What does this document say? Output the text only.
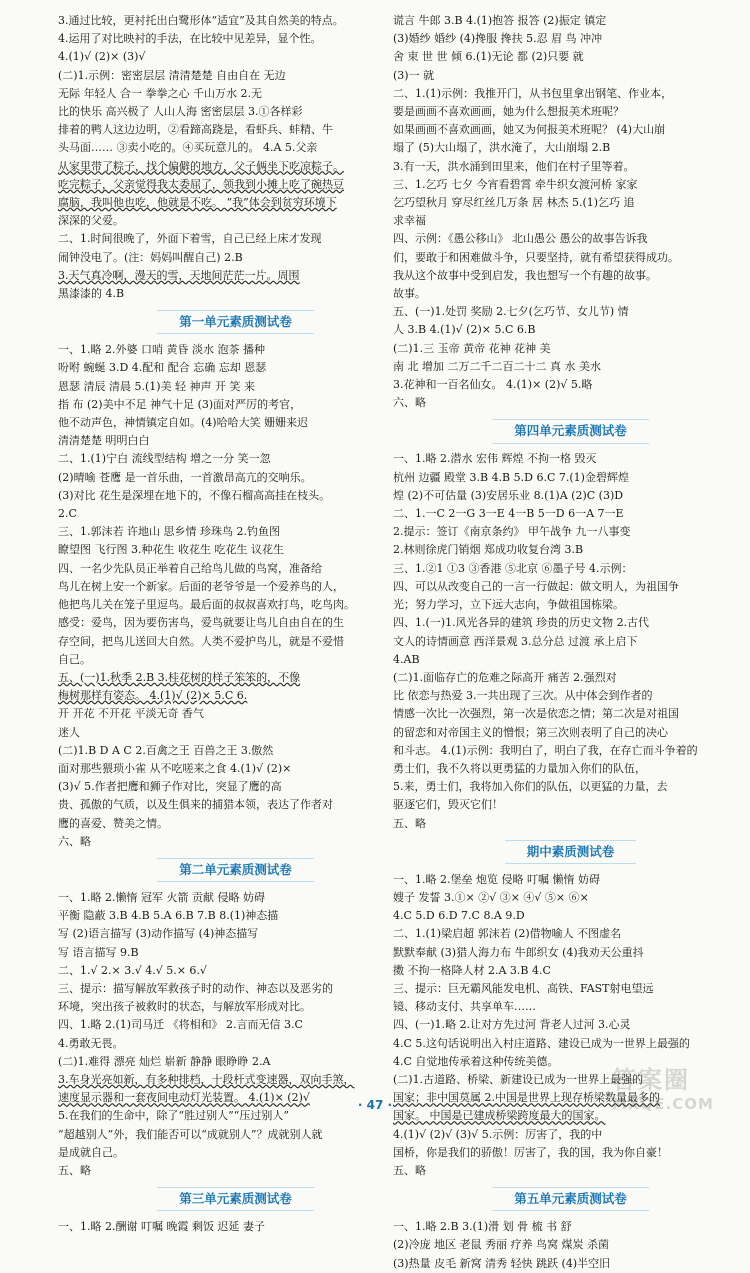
3.通过比较，更衬托出白鹭形体“适宜”及其自然美的特点。
4.运用了对比映衬的手法，在比较中见差异，显个性。
4.(1)√ (2)× (3)√
(二)1.示例：密密层层 清清楚楚 自由自在 无边
无际 年轻人 合一 拳拳之心 千山万水 2.无
比的快乐 高兴极了 人山人海 密密层层 3.①各样彩
排着的鸭人这边边明，②看蹄高跷是，看虾兵、蚌精、牛
头马面…… ③卖小吃的。④买玩意儿的。 4.A 5.父亲
从家里带了粽子，找个偏僻的地方，父子俩坐下吃凉粽子。
吃完粽子，父亲觉得我太委屈了，领我到小摊上吃了碗热豆
腐脑，我叫他也吃，他就是不吃。 “我”体会到贫穷环境下
深深的父爱。
二、1.时间很晚了，外面下着雪，自己已经上床才发现
闹钟没电了。(注：妈妈叫醒自己) 2.B
3.天气真冷啊，漫天的雪，天地间茫茫一片。周围
黑漆漆的 4.B
第一单元素质测试卷
一、1.略 2.外婆 口哨 黄昏 淡水 泡茶 播种
吩咐 蜿蜒 3.D 4.配和 配合 忘确 忘却 恩瑟
恩瑟 清辰 清晨 5.(1)美 轻 神声 开 笑 来
指 布 (2)美中不足 神气十足 (3)面对严厉的考官，
他不动声色，神情镇定自如。(4)哈哈大笑 姗姗来迟
清清楚楚 明明白白
二、1.(1)宁白 流线型结构 增之一分 笑一忽
(2)晴喻 苍鹰 是一首乐曲，一首激昂高亢的交响乐。
(3)对比 花生是深埋在地下的，不像石榴高高挂在枝头。
2.C
三、1.郭沫若 许地山 思乡情 珍珠鸟 2.钓鱼图
瞭望图 飞行图 3.种花生 收花生 吃花生 议花生
四、一名少先队员正举着自己给鸟儿做的鸟窝，准备给
鸟儿在树上安一个新家。后面的老爷爷是一个爱养鸟的人，
他把鸟儿关在笼子里逗鸟。最后面的叔叔喜欢打鸟，吃鸟肉。
感受：爱鸟，因为要伤害鸟，爱鸟就要让鸟儿自由自在的生
存空间，把鸟儿送回大自然。人类不爱护鸟儿，就是不爱惜
自己。
五、(一)1.秋季 2.B 3.桂花树的样子笨笨的，不像
梅树那样有姿态。 4.(1)√ (2)× 5.C 6.
开 开花 不开花 平淡无奇 香气
迷人
(二)1.B D A C 2.百禽之王 百兽之王 3.傲然
面对那些猥琐小雀 从不吃嗟来之食 4.(1)√ (2)×
(3)√ 5.作者把鹰和狮子作对比，突显了鹰的高
贵、孤傲的气质，以及生俱来的捕猎本领，表达了作者对
鹰的喜爱、赞美之情。
六、略
第二单元素质测试卷
一、1.略 2.懒惰 冠军 火箭 贡献 侵略 妨碍
平衡 隐蔽 3.B 4.B 5.A 6.B 7.B 8.(1)神态描
写 (2)语言描写 (3)动作描写 (4)神态描写
写 语言描写 9.B
二、1.√ 2.× 3.√ 4.√ 5.× 6.√
三、提示：描写解放军救孩子时的动作、神态以及恶劣的
环境，突出孩子被救时的状态，与解放军形成对比。
四、1.略 2.(1)司马迁 《将相和》 2.言而无信 3.C
4.勇敢无畏。
(二)1.难得 漂亮 灿烂 崭新 静静 眼睁睁 2.A
3.车身光亮如新，有多种排档，十段杆式变速器，双向手煞，
速度显示器和一套夜间电动灯光装置。 4.(1)× (2)√
5.在我们的生命中，除了“胜过别人”“压过别人”
“超越别人”外，我们能否可以“成就别人”？成就别人就
是成就自己。
五、略
第三单元素质测试卷
一、1.略 2.酬谢 叮嘱 晚霞 剩饭 迟延 妻子
谎言 牛郎 3.B 4.(1)抱答 报答 (2)振定 镇定
(3)婚纱 婚纱 (4)搀服 搀扶 5.忍 眉 鸟 冲冲
舍 束 世 世 倾 6.(1)无论 都 (2)只要 就
(3)一 就
二、1.(1)示例：我推开门，从书包里拿出钢笔、作业本，
要是画画不喜欢画画，她为什么想报美术班呢？
如果画画不喜欢画画，她又为何报美术班呢？ (4)大山崩
塌了 (5)大山塌了，洪水淹了，大山崩塌 2.B
3.有一天，洪水涌到田里来，他们在村子里等着。
三、1.乞巧 七夕 今宵看碧霄 牵牛织女渡河桥 家家
乞巧望秋月 穿尽红丝几万条 居 林杰 5.(1)乞巧 追
求幸福
四、示例：《愚公移山》 北山愚公 愚公的故事告诉我
们，要敢于和困难做斗争，只要坚持，就有希望获得成功。
我从这个故事中受到启发，我也想写一个有趣的故事。
故事。
五、(一)1.处罚 奖励 2.七夕(乞巧节、女儿节) 情
人 3.B 4.(1)√ (2)× 5.C 6.B
(二)1.三 玉帝 黄帝 花神 花神 美
南 北 增加 二万二千二百二十二 真 水 美水
3.花神和一百名仙女。 4.(1)× (2)√ 5.略
六、略
第四单元素质测试卷
一、1.略 2.潜水 宏伟 辉煌 不拘一格 毁灭
杭州 边疆 殿堂 3.B 4.B 5.D 6.C 7.(1)金碧辉煌
煌 (2)不可估量 (3)安居乐业 8.(1)A (2)C (3)D
二、1.一C 2一G 3一E 4一B 5一D 6一A 7一E
2.提示：签订《南京条约》 甲午战争 九一八事变
2.林则徐虎门销烟 郑成功收复台湾 3.B
三、1.②1 ①3 ③香港 ⑤北京 ⑥墨子号 4.示例：
四、可以从改变自己的一言一行做起：做文明人，为祖国争
光；努力学习，立下远大志向，争做祖国栋梁。
四、1.(一)1.风光各异的建筑 珍贵的历史文物 2.古代
文人的诗情画意 西洋景观 3.总分总 过渡 承上启下
4.AB
(二)1.面临存亡的危难之际高开 痛苦 2.强烈对
比 依恋与热爱 3.一共出现了三次。从中体会到作者的
情感一次比一次强烈，第一次是依恋之情；第二次是对祖国
的留恋和对帝国主义的憎恨；第三次则表明了自己的决心
和斗志。 4.(1)示例：我明白了，明白了我，在存亡而斗争着的
勇士们，我不久将以更勇猛的力量加入你们的队伍，
5.来，勇士们，我将加入你们的队伍，以更猛的力量，去
驱逐它们，毁灭它们！
五、略
期中素质测试卷
一、1.略 2.堡垒 炮览 侵略 叮嘱 懒惰 妨碍
嫂子 发誓 3.①× ②√ ③× ④√ ⑤× ⑥×
4.C 5.D 6.D 7.C 8.A 9.D
二、1.(1)梁启超 郭沫若 (2)借物喻人 不图虚名
默默奉献 (3)猎人海力布 牛郎织女 (4)我劝天公重抖
擞 不拘一格降人材 2.A 3.B 4.C
三、提示：巨无霸风能发电机、高铁、FAST射电望远
镜、移动支付、共享单车……
四、(一)1.略 2.让对方先过河 背老人过河 3.心灵
4.C 5.这句话说明出入村庄道路、建设已成为一世界上最强的
4.C 自觉地传承着这种传统美德。
(二)1.古道路、桥梁、新建设已成为一世界上最强的
国家；非中国莫属 2.中国是世界上现存桥梁数量最多的
国家。 中国是已建成桥梁跨度最大的国家。
4.(1)√ (2)√ (3)√ 5.示例：厉害了，我的中
国桥，你是我们的骄傲！厉害了，我的国，我为你自豪！
五、略
第五单元素质测试卷
一、1.略 2.B 3.(1)滑 划 骨 梳 书 舒
(2)冷庞 地区 老鼠 秀丽 疗养 鸟窝 煤炭 杀菌
(3)热量 皮毛 新窝 清秀 轻快 跳跃 (4)半空旧
· 47 ·
答案圈
MXQE.COM
